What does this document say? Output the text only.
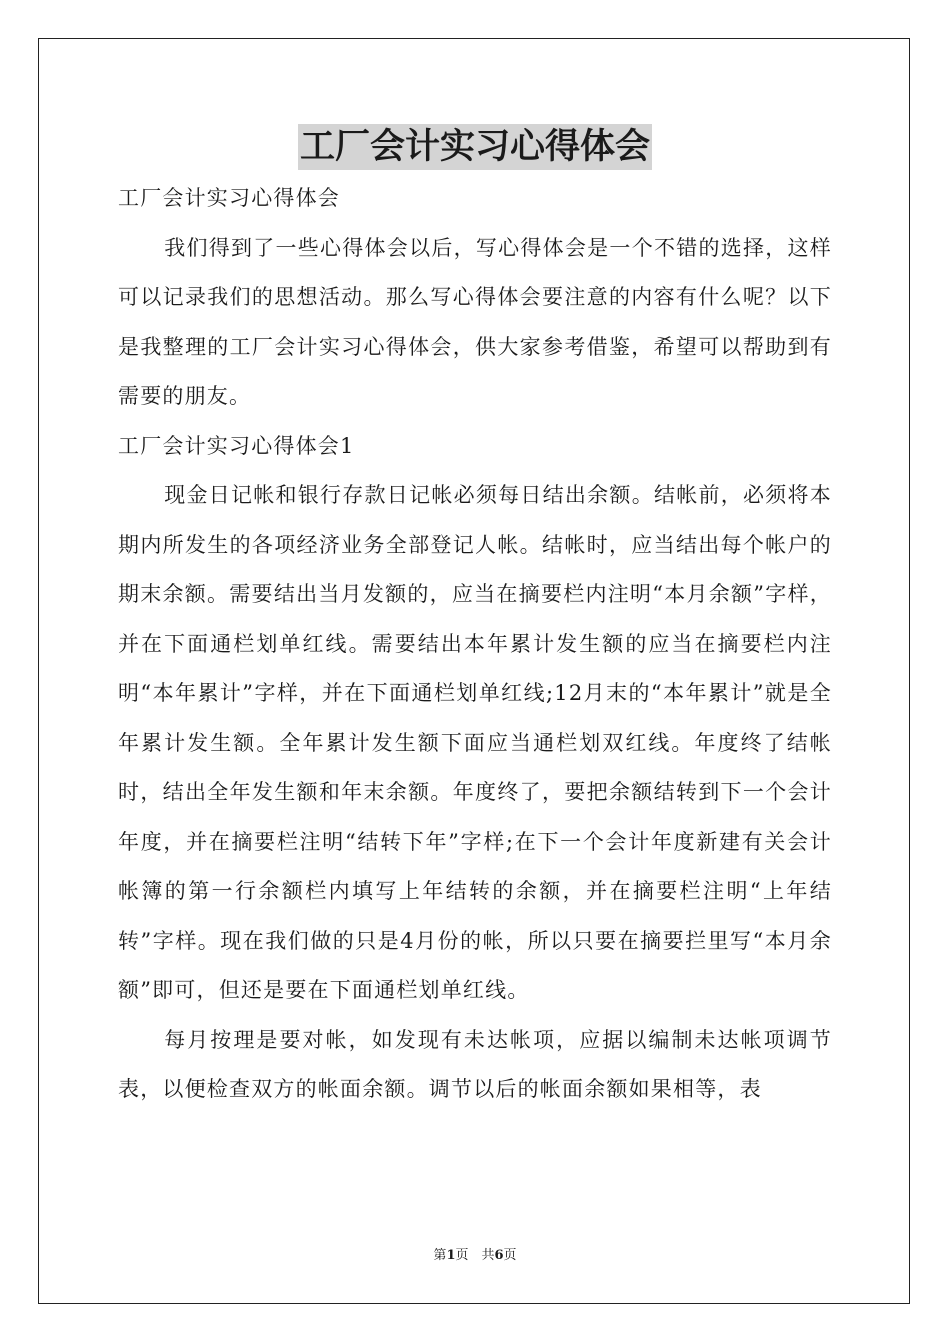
工厂会计实习心得体会

工厂会计实习心得体会

我们得到了一些心得体会以后，写心得体会是一个不错的选择，这样可以记录我们的思想活动。那么写心得体会要注意的内容有什么呢？以下是我整理的工厂会计实习心得体会，供大家参考借鉴，希望可以帮助到有需要的朋友。

工厂会计实习心得体会1

现金日记帐和银行存款日记帐必须每日结出余额。结帐前，必须将本期内所发生的各项经济业务全部登记人帐。结帐时，应当结出每个帐户的期末余额。需要结出当月发额的，应当在摘要栏内注明“本月余额”字样，并在下面通栏划单红线。需要结出本年累计发生额的应当在摘要栏内注明“本年累计”字样，并在下面通栏划单红线;12月末的“本年累计”就是全年累计发生额。全年累计发生额下面应当通栏划双红线。年度终了结帐时，结出全年发生额和年末余额。年度终了，要把余额结转到下一个会计年度，并在摘要栏注明“结转下年”字样;在下一个会计年度新建有关会计帐簿的第一行余额栏内填写上年结转的余额，并在摘要栏注明“上年结转”字样。现在我们做的只是4月份的帐，所以只要在摘要拦里写“本月余额”即可，但还是要在下面通栏划单红线。

每月按理是要对帐，如发现有未达帐项，应据以编制未达帐项调节表，以便检查双方的帐面余额。调节以后的帐面余额如果相等，表

第1页　共6页
